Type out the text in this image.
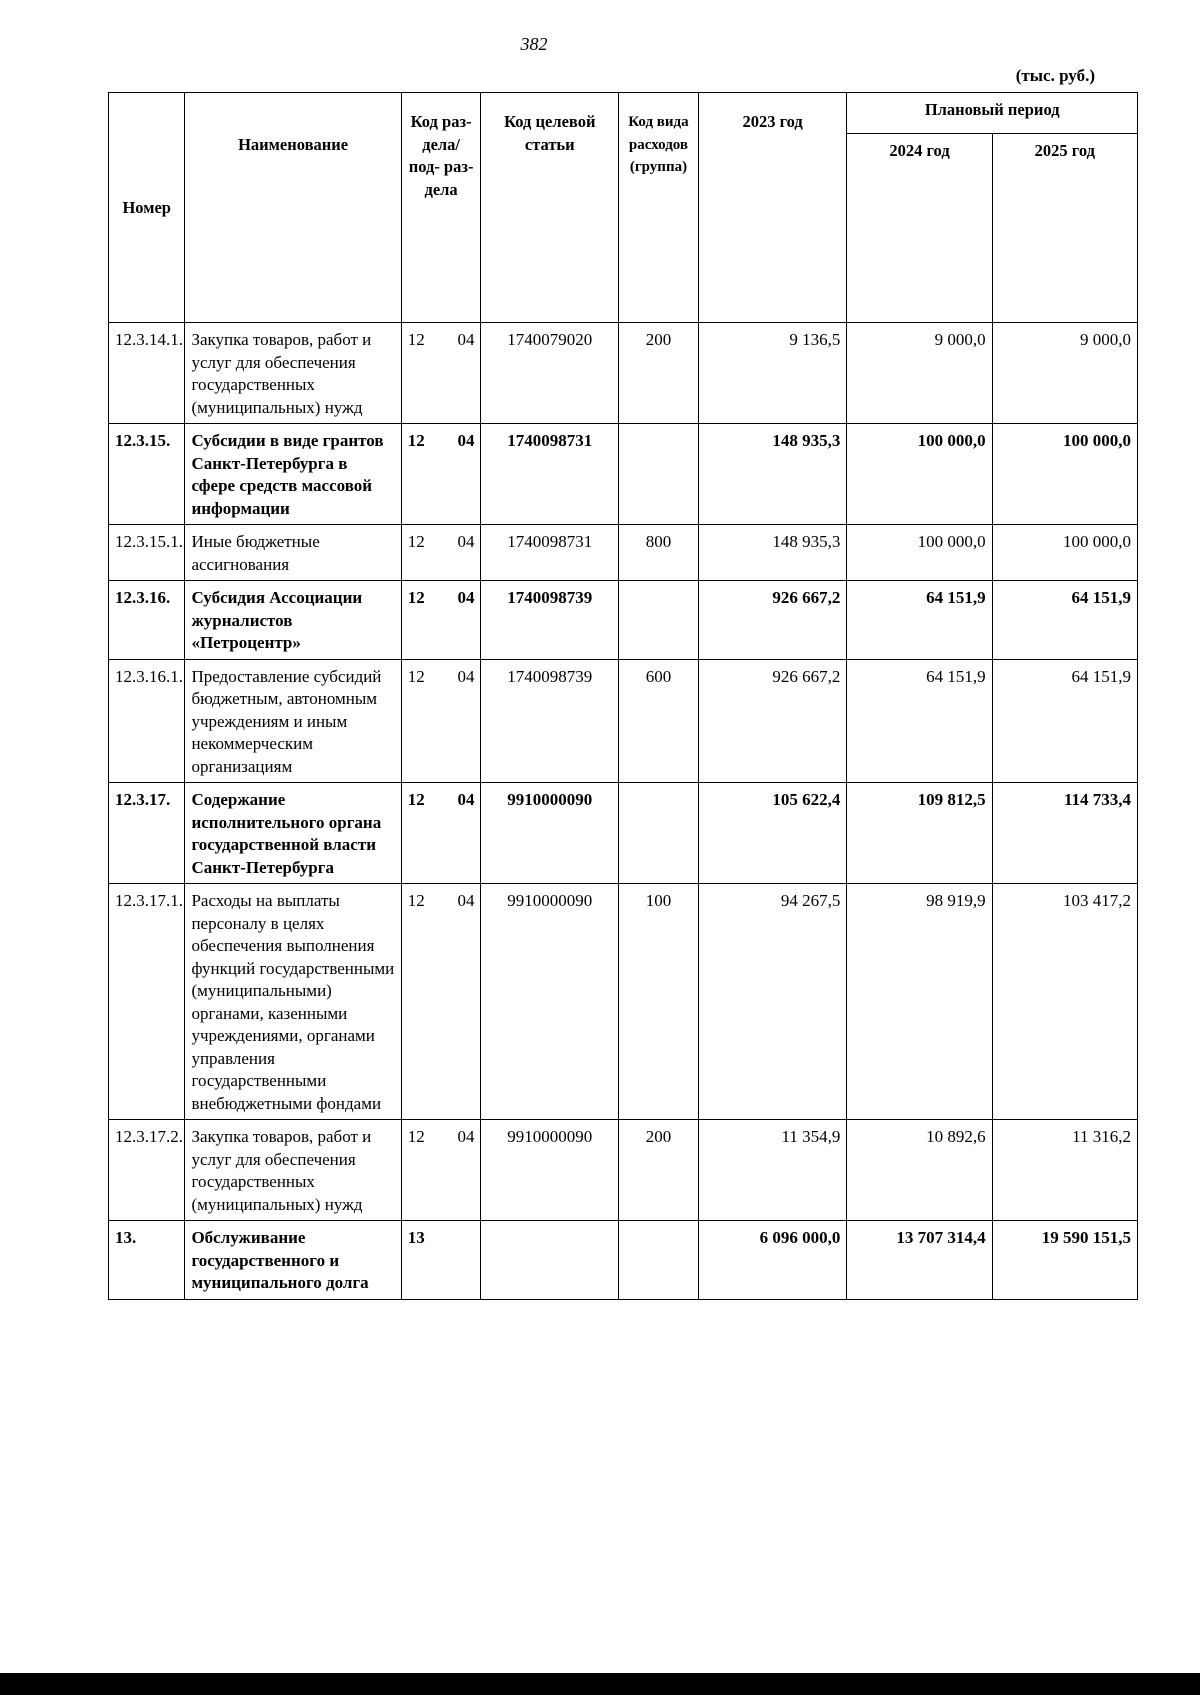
382
(тыс. руб.)
Номер	Наименование	Код раз- дела/ под- раз- дела	Код целевой статьи	Код вида расходов (группа)	2023 год	Плановый период	
						2024 год	2025 год
12.3.14.1.	Закупка товаров, работ и услуг для обеспечения государственных (муниципальных) нужд	12 04	1740079020	200	9 136,5	9 000,0	9 000,0
12.3.15.	Субсидии в виде грантов Санкт-Петербурга в сфере средств массовой информации	12 04	1740098731		148 935,3	100 000,0	100 000,0
12.3.15.1.	Иные бюджетные ассигнования	12 04	1740098731	800	148 935,3	100 000,0	100 000,0
12.3.16.	Субсидия Ассоциации журналистов «Петроцентр»	12 04	1740098739		926 667,2	64 151,9	64 151,9
12.3.16.1.	Предоставление субсидий бюджетным, автономным учреждениям и иным некоммерческим организациям	12 04	1740098739	600	926 667,2	64 151,9	64 151,9
12.3.17.	Содержание исполнительного органа государственной власти Санкт-Петербурга	12 04	9910000090		105 622,4	109 812,5	114 733,4
12.3.17.1.	Расходы на выплаты персоналу в целях обеспечения выполнения функций государственными (муниципальными) органами, казенными учреждениями, органами управления государственными внебюджетными фондами	12 04	9910000090	100	94 267,5	98 919,9	103 417,2
12.3.17.2.	Закупка товаров, работ и услуг для обеспечения государственных (муниципальных) нужд	12 04	9910000090	200	11 354,9	10 892,6	11 316,2
13.	Обслуживание государственного и муниципального долга	13			6 096 000,0	13 707 314,4	19 590 151,5
